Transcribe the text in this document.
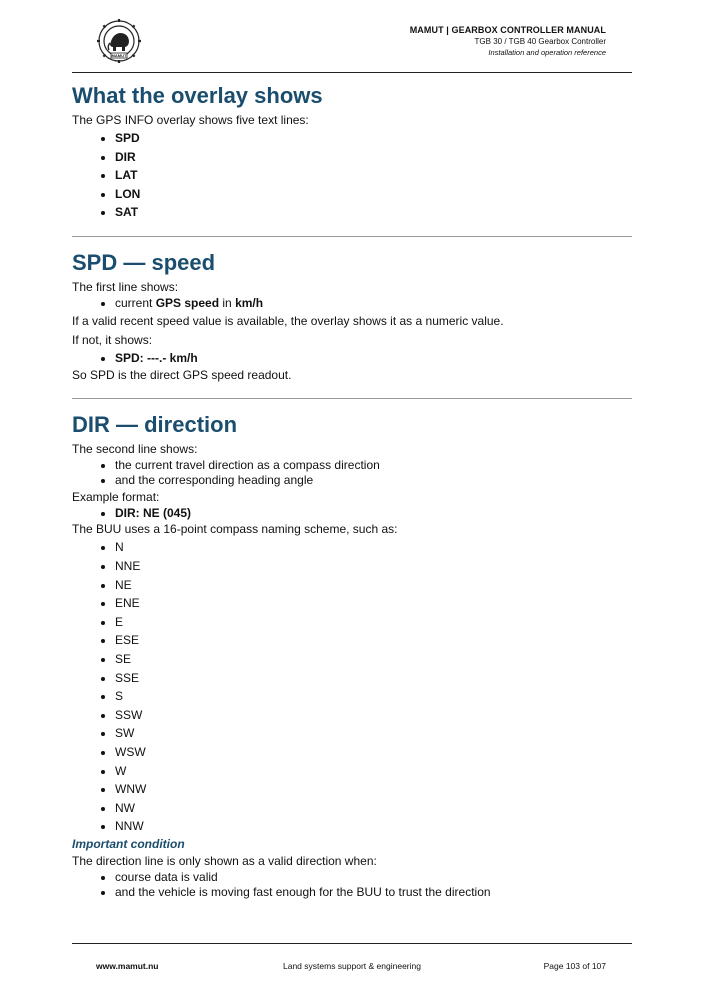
MAMUT
MAMUT | GEARBOX CONTROLLER MANUAL
TGB 30 / TGB 40 Gearbox Controller
Installation and operation reference
What the overlay shows

The GPS INFO overlay shows five text lines:

• SPD
• DIR
• LAT
• LON
• SAT
SPD — speed

The first line shows:

• current GPS speed in km/h

If a valid recent speed value is available, the overlay shows it as a numeric value.

If not, it shows:

• SPD: ---.- km/h

So SPD is the direct GPS speed readout.

DIR — direction

The second line shows:

• the current travel direction as a compass direction
• and the corresponding heading angle

Example format:

• DIR: NE (045)

The BUU uses a 16-point compass naming scheme, such as:

• N
• NNE
• NE
• ENE
• E
• ESE
• SE
• SSE
• S
• SSW
• SW
• WSW
• W
• WNW
• NW
• NNW
Important condition

The direction line is only shown as a valid direction when:

• course data is valid
• and the vehicle is moving fast enough for the BUU to trust the direction
www.mamut.nu	Land systems support & engineering	Page 103 of 107
